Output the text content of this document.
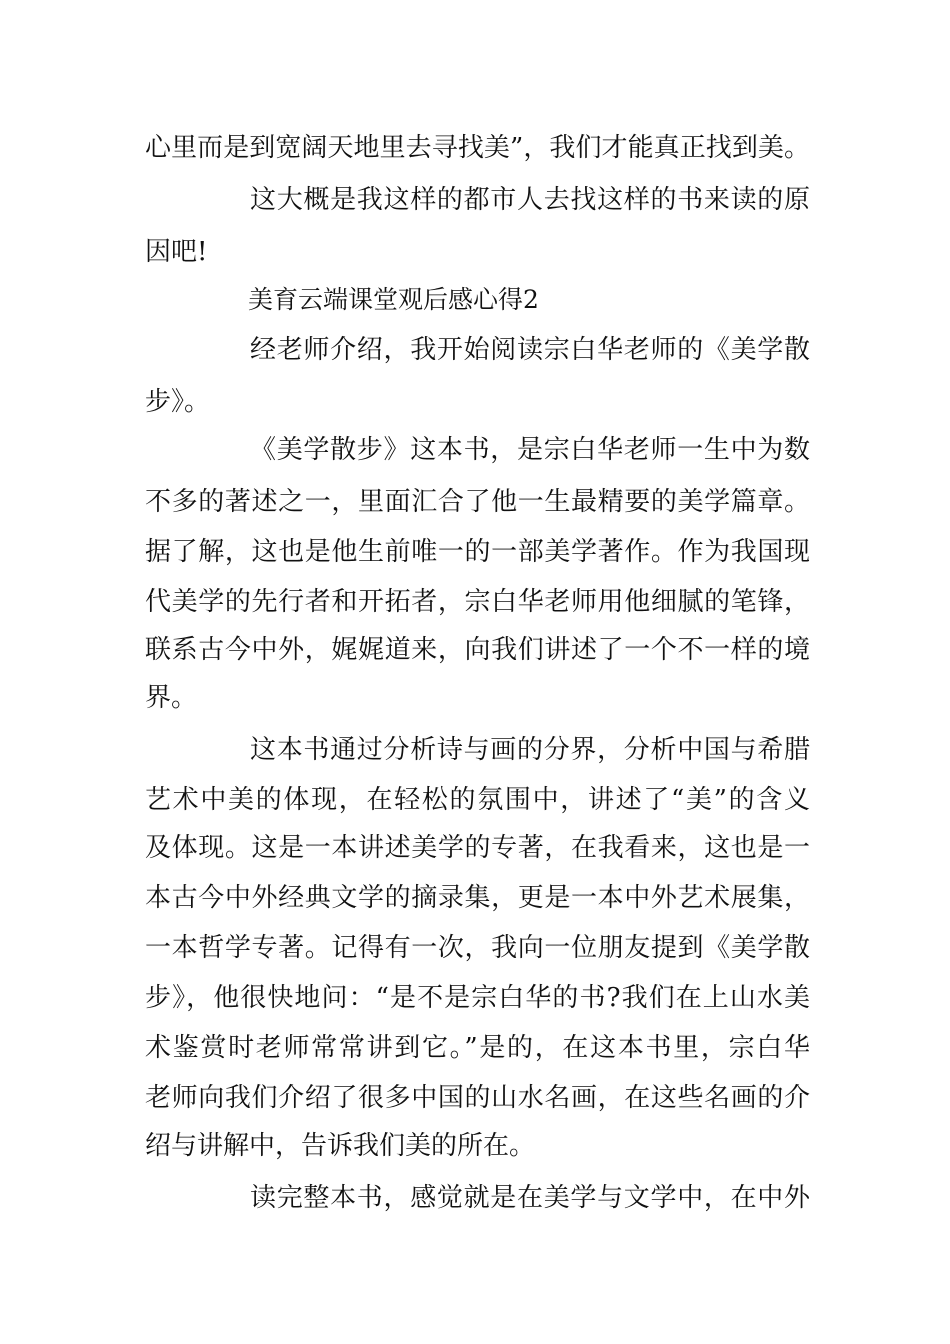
心里而是到宽阔天地里去寻找美”，我们才能真正找到美。
这大概是我这样的都市人去找这样的书来读的原
因吧!
美育云端课堂观后感心得2
经老师介绍，我开始阅读宗白华老师的《美学散
步》。
《美学散步》这本书，是宗白华老师一生中为数
不多的著述之一，里面汇合了他一生最精要的美学篇章。
据了解，这也是他生前唯一的一部美学著作。作为我国现
代美学的先行者和开拓者，宗白华老师用他细腻的笔锋，
联系古今中外，娓娓道来，向我们讲述了一个不一样的境
界。
这本书通过分析诗与画的分界，分析中国与希腊
艺术中美的体现，在轻松的氛围中，讲述了“美”的含义
及体现。这是一本讲述美学的专著，在我看来，这也是一
本古今中外经典文学的摘录集，更是一本中外艺术展集，
一本哲学专著。记得有一次，我向一位朋友提到《美学散
步》，他很快地问：“是不是宗白华的书?我们在上山水美
术鉴赏时老师常常讲到它。”是的，在这本书里，宗白华
老师向我们介绍了很多中国的山水名画，在这些名画的介
绍与讲解中，告诉我们美的所在。
读完整本书，感觉就是在美学与文学中，在中外
